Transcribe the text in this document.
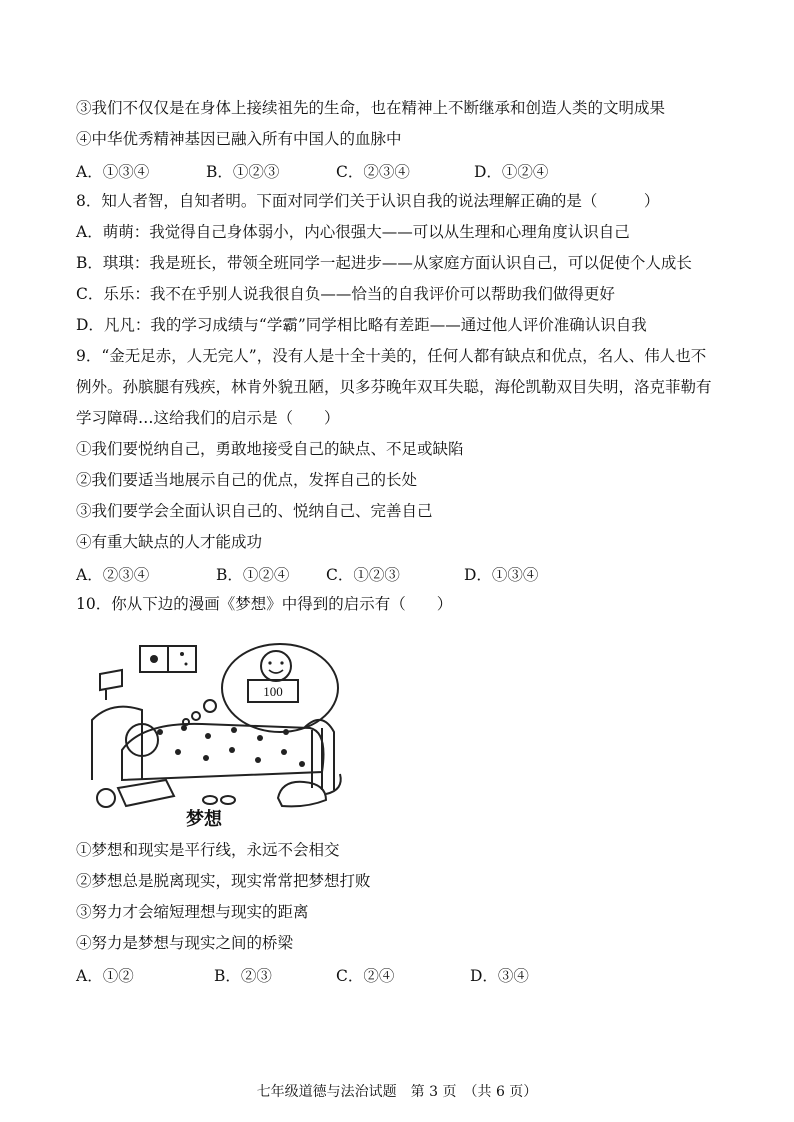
③我们不仅仅是在身体上接续祖先的生命，也在精神上不断继承和创造人类的文明成果
④中华优秀精神基因已融入所有中国人的血脉中
A．①③④	B．①②③	C．②③④	D．①②④
8．知人者智，自知者明。下面对同学们关于认识自我的说法理解正确的是（　　　）
A．萌萌：我觉得自己身体弱小，内心很强大——可以从生理和心理角度认识自己
B．琪琪：我是班长，带领全班同学一起进步——从家庭方面认识自己，可以促使个人成长
C．乐乐：我不在乎别人说我很自负——恰当的自我评价可以帮助我们做得更好
D．凡凡：我的学习成绩与“学霸”同学相比略有差距——通过他人评价准确认识自我
9．“金无足赤，人无完人”，没有人是十全十美的，任何人都有缺点和优点，名人、伟人也不
例外。孙膑腿有残疾，林肯外貌丑陋，贝多芬晚年双耳失聪，海伦凯勒双目失明，洛克菲勒有
学习障碍…这给我们的启示是（　　）
①我们要悦纳自己，勇敢地接受自己的缺点、不足或缺陷
②我们要适当地展示自己的优点，发挥自己的长处
③我们要学会全面认识自己的、悦纳自己、完善自己
④有重大缺点的人才能成功
A．②③④	B．①②④ C．①②③	D．①③④
10．你从下边的漫画《梦想》中得到的启示有（　　）
100
梦想
①梦想和现实是平行线，永远不会相交
②梦想总是脱离现实，现实常常把梦想打败
③努力才会缩短理想与现实的距离
④努力是梦想与现实之间的桥梁
A．①②	B．②③	C．②④	D．③④
七年级道德与法治试题　第 3 页　（共 6 页）
